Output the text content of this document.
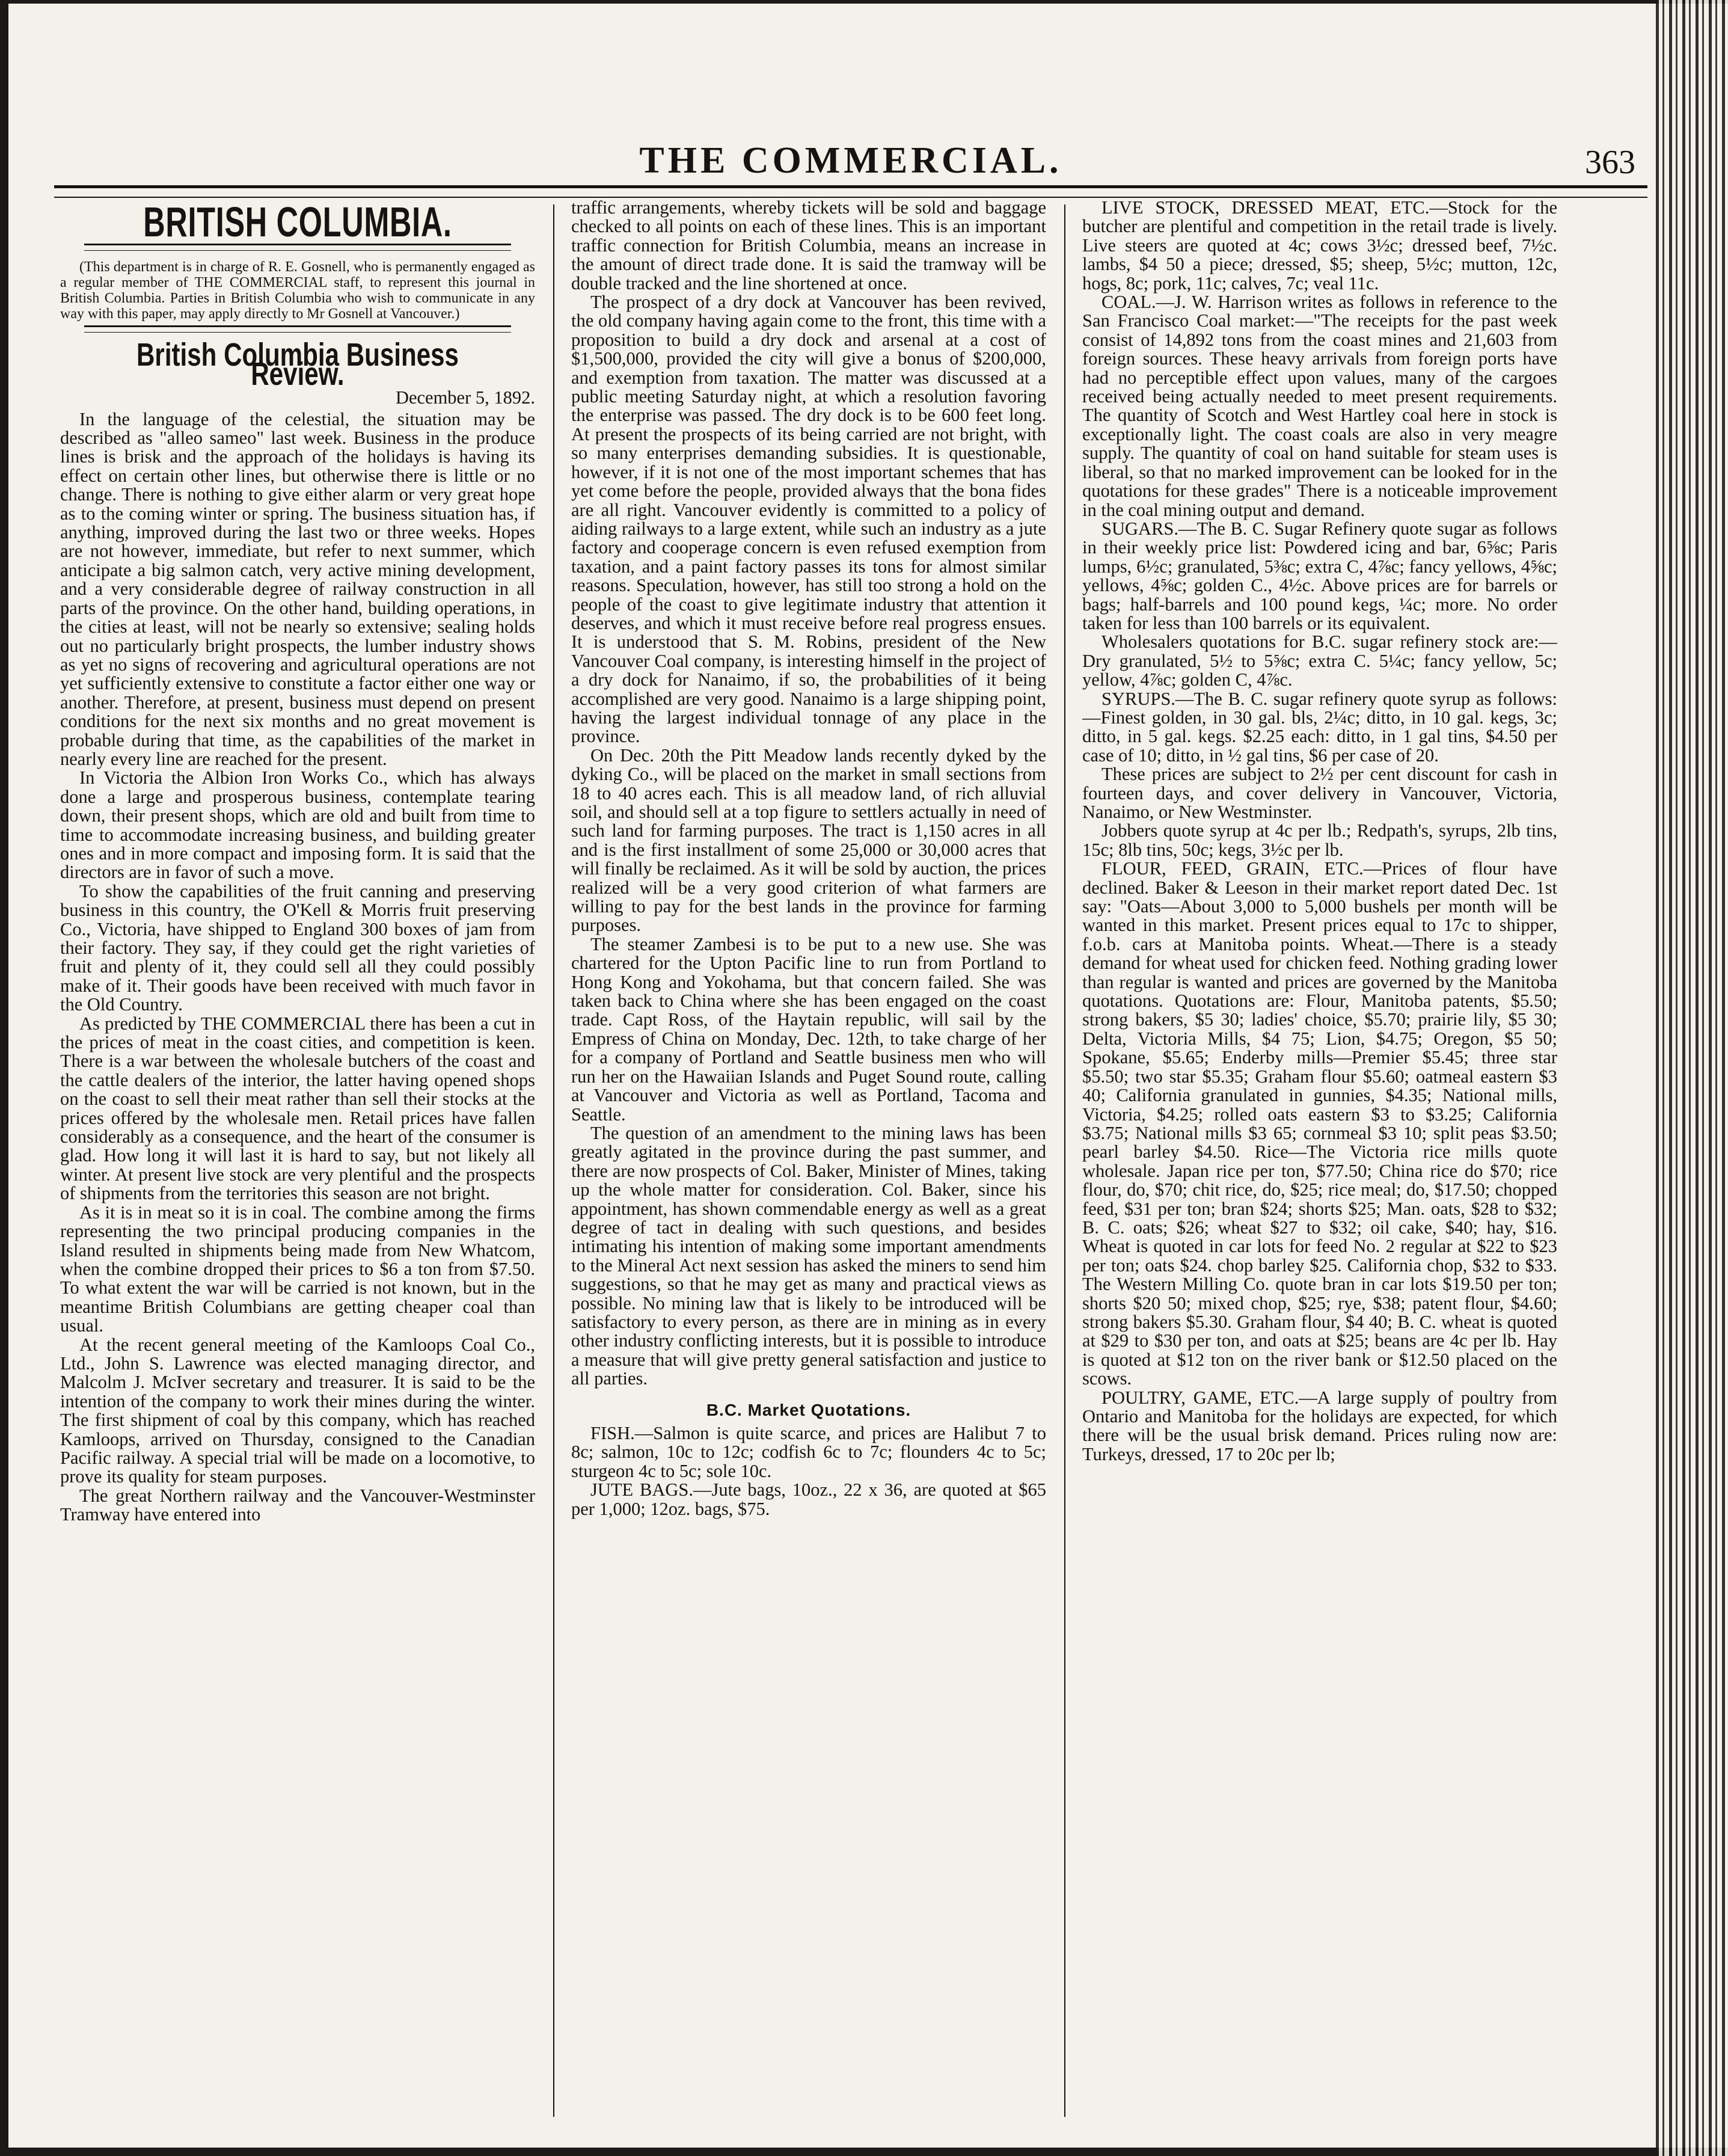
THE COMMERCIAL.	363
BRITISH COLUMBIA.

(This department is in charge of R. E. Gosnell, who is permanently engaged as a regular member of THE COMMERCIAL staff, to represent this journal in British Columbia. Parties in British Columbia who wish to communicate in any way with this paper, may apply directly to Mr Gosnell at Vancouver.)

British Columbia Business Review.
December 5, 1892.

In the language of the celestial, the situation may be described as "alleo sameo" last week. Business in the produce lines is brisk and the approach of the holidays is having its effect on certain other lines, but otherwise there is little or no change. There is nothing to give either alarm or very great hope as to the coming winter or spring. The business situation has, if anything, improved during the last two or three weeks. Hopes are not however, immediate, but refer to next summer, which anticipate a big salmon catch, very active mining development, and a very considerable degree of railway construction in all parts of the province. On the other hand, building operations, in the cities at least, will not be nearly so extensive; sealing holds out no particularly bright prospects, the lumber industry shows as yet no signs of recovering and agricultural operations are not yet sufficiently extensive to constitute a factor either one way or another. Therefore, at present, business must depend on present conditions for the next six months and no great movement is probable during that time, as the capabilities of the market in nearly every line are reached for the present.

In Victoria the Albion Iron Works Co., which has always done a large and prosperous business, contemplate tearing down, their present shops, which are old and built from time to time to accommodate increasing business, and building greater ones and in more compact and imposing form. It is said that the directors are in favor of such a move.

To show the capabilities of the fruit canning and preserving business in this country, the O'Kell & Morris fruit preserving Co., Victoria, have shipped to England 300 boxes of jam from their factory. They say, if they could get the right varieties of fruit and plenty of it, they could sell all they could possibly make of it. Their goods have been received with much favor in the Old Country.

As predicted by THE COMMERCIAL there has been a cut in the prices of meat in the coast cities, and competition is keen. There is a war between the wholesale butchers of the coast and the cattle dealers of the interior, the latter having opened shops on the coast to sell their meat rather than sell their stocks at the prices offered by the wholesale men. Retail prices have fallen considerably as a consequence, and the heart of the consumer is glad. How long it will last it is hard to say, but not likely all winter. At present live stock are very plentiful and the prospects of shipments from the territories this season are not bright.

As it is in meat so it is in coal. The combine among the firms representing the two principal producing companies in the Island resulted in shipments being made from New Whatcom, when the combine dropped their prices to $6 a ton from $7.50. To what extent the war will be carried is not known, but in the meantime British Columbians are getting cheaper coal than usual.

At the recent general meeting of the Kamloops Coal Co., Ltd., John S. Lawrence was elected managing director, and Malcolm J. McIver secretary and treasurer. It is said to be the intention of the company to work their mines during the winter. The first shipment of coal by this company, which has reached Kamloops, arrived on Thursday, consigned to the Canadian Pacific railway. A special trial will be made on a locomotive, to prove its quality for steam purposes.

The great Northern railway and the Vancouver-Westminster Tramway have entered into

traffic arrangements, whereby tickets will be sold and baggage checked to all points on each of these lines. This is an important traffic connection for British Columbia, means an increase in the amount of direct trade done. It is said the tramway will be double tracked and the line shortened at once.

The prospect of a dry dock at Vancouver has been revived, the old company having again come to the front, this time with a proposition to build a dry dock and arsenal at a cost of $1,500,000, provided the city will give a bonus of $200,000, and exemption from taxation. The matter was discussed at a public meeting Saturday night, at which a resolution favoring the enterprise was passed. The dry dock is to be 600 feet long. At present the prospects of its being carried are not bright, with so many enterprises demanding subsidies. It is questionable, however, if it is not one of the most important schemes that has yet come before the people, provided always that the bona fides are all right. Vancouver evidently is committed to a policy of aiding railways to a large extent, while such an industry as a jute factory and cooperage concern is even refused exemption from taxation, and a paint factory passes its tons for almost similar reasons. Speculation, however, has still too strong a hold on the people of the coast to give legitimate industry that attention it deserves, and which it must receive before real progress ensues. It is understood that S. M. Robins, president of the New Vancouver Coal company, is interesting himself in the project of a dry dock for Nanaimo, if so, the probabilities of it being accomplished are very good. Nanaimo is a large shipping point, having the largest individual tonnage of any place in the province.

On Dec. 20th the Pitt Meadow lands recently dyked by the dyking Co., will be placed on the market in small sections from 18 to 40 acres each. This is all meadow land, of rich alluvial soil, and should sell at a top figure to settlers actually in need of such land for farming purposes. The tract is 1,150 acres in all and is the first installment of some 25,000 or 30,000 acres that will finally be reclaimed. As it will be sold by auction, the prices realized will be a very good criterion of what farmers are willing to pay for the best lands in the province for farming purposes.

The steamer Zambesi is to be put to a new use. She was chartered for the Upton Pacific line to run from Portland to Hong Kong and Yokohama, but that concern failed. She was taken back to China where she has been engaged on the coast trade. Capt Ross, of the Haytain republic, will sail by the Empress of China on Monday, Dec. 12th, to take charge of her for a company of Portland and Seattle business men who will run her on the Hawaiian Islands and Puget Sound route, calling at Vancouver and Victoria as well as Portland, Tacoma and Seattle.

The question of an amendment to the mining laws has been greatly agitated in the province during the past summer, and there are now prospects of Col. Baker, Minister of Mines, taking up the whole matter for consideration. Col. Baker, since his appointment, has shown commendable energy as well as a great degree of tact in dealing with such questions, and besides intimating his intention of making some important amendments to the Mineral Act next session has asked the miners to send him suggestions, so that he may get as many and practical views as possible. No mining law that is likely to be introduced will be satisfactory to every person, as there are in mining as in every other industry conflicting interests, but it is possible to introduce a measure that will give pretty general satisfaction and justice to all parties.

B.C. Market Quotations.

FISH.—Salmon is quite scarce, and prices are Halibut 7 to 8c; salmon, 10c to 12c; codfish 6c to 7c; flounders 4c to 5c; sturgeon 4c to 5c; sole 10c.

JUTE BAGS.—Jute bags, 10oz., 22 x 36, are quoted at $65 per 1,000; 12oz. bags, $75.

LIVE STOCK, DRESSED MEAT, ETC.—Stock for the butcher are plentiful and competition in the retail trade is lively. Live steers are quoted at 4c; cows 3½c; dressed beef, 7½c. lambs, $4 50 a piece; dressed, $5; sheep, 5½c; mutton, 12c, hogs, 8c; pork, 11c; calves, 7c; veal 11c.

COAL.—J. W. Harrison writes as follows in reference to the San Francisco Coal market:—"The receipts for the past week consist of 14,892 tons from the coast mines and 21,603 from foreign sources. These heavy arrivals from foreign ports have had no perceptible effect upon values, many of the cargoes received being actually needed to meet present requirements. The quantity of Scotch and West Hartley coal here in stock is exceptionally light. The coast coals are also in very meagre supply. The quantity of coal on hand suitable for steam uses is liberal, so that no marked improvement can be looked for in the quotations for these grades" There is a noticeable improvement in the coal mining output and demand.

SUGARS.—The B. C. Sugar Refinery quote sugar as follows in their weekly price list: Powdered icing and bar, 6⅝c; Paris lumps, 6½c; granulated, 5⅜c; extra C, 4⅞c; fancy yellows, 4⅝c; yellows, 4⅝c; golden C., 4½c. Above prices are for barrels or bags; half-barrels and 100 pound kegs, ¼c; more. No order taken for less than 100 barrels or its equivalent.

Wholesalers quotations for B.C. sugar refinery stock are:—Dry granulated, 5½ to 5⅝c; extra C. 5¼c; fancy yellow, 5c; yellow, 4⅞c; golden C, 4⅞c.

SYRUPS.—The B. C. sugar refinery quote syrup as follows:—Finest golden, in 30 gal. bls, 2¼c; ditto, in 10 gal. kegs, 3c; ditto, in 5 gal. kegs. $2.25 each: ditto, in 1 gal tins, $4.50 per case of 10; ditto, in ½ gal tins, $6 per case of 20.

These prices are subject to 2½ per cent discount for cash in fourteen days, and cover delivery in Vancouver, Victoria, Nanaimo, or New Westminster.

Jobbers quote syrup at 4c per lb.; Redpath's, syrups, 2lb tins, 15c; 8lb tins, 50c; kegs, 3½c per lb.

FLOUR, FEED, GRAIN, ETC.—Prices of flour have declined. Baker & Leeson in their market report dated Dec. 1st say: "Oats—About 3,000 to 5,000 bushels per month will be wanted in this market. Present prices equal to 17c to shipper, f.o.b. cars at Manitoba points. Wheat.—There is a steady demand for wheat used for chicken feed. Nothing grading lower than regular is wanted and prices are governed by the Manitoba quotations. Quotations are: Flour, Manitoba patents, $5.50; strong bakers, $5 30; ladies' choice, $5.70; prairie lily, $5 30; Delta, Victoria Mills, $4 75; Lion, $4.75; Oregon, $5 50; Spokane, $5.65; Enderby mills—Premier $5.45; three star $5.50; two star $5.35; Graham flour $5.60; oatmeal eastern $3 40; California granulated in gunnies, $4.35; National mills, Victoria, $4.25; rolled oats eastern $3 to $3.25; California $3.75; National mills $3 65; cornmeal $3 10; split peas $3.50; pearl barley $4.50. Rice—The Victoria rice mills quote wholesale. Japan rice per ton, $77.50; China rice do $70; rice flour, do, $70; chit rice, do, $25; rice meal; do, $17.50; chopped feed, $31 per ton; bran $24; shorts $25; Man. oats, $28 to $32; B. C. oats; $26; wheat $27 to $32; oil cake, $40; hay, $16. Wheat is quoted in car lots for feed No. 2 regular at $22 to $23 per ton; oats $24. chop barley $25. California chop, $32 to $33. The Western Milling Co. quote bran in car lots $19.50 per ton; shorts $20 50; mixed chop, $25; rye, $38; patent flour, $4.60; strong bakers $5.30. Graham flour, $4 40; B. C. wheat is quoted at $29 to $30 per ton, and oats at $25; beans are 4c per lb. Hay is quoted at $12 ton on the river bank or $12.50 placed on the scows.

POULTRY, GAME, ETC.—A large supply of poultry from Ontario and Manitoba for the holidays are expected, for which there will be the usual brisk demand. Prices ruling now are: Turkeys, dressed, 17 to 20c per lb;
